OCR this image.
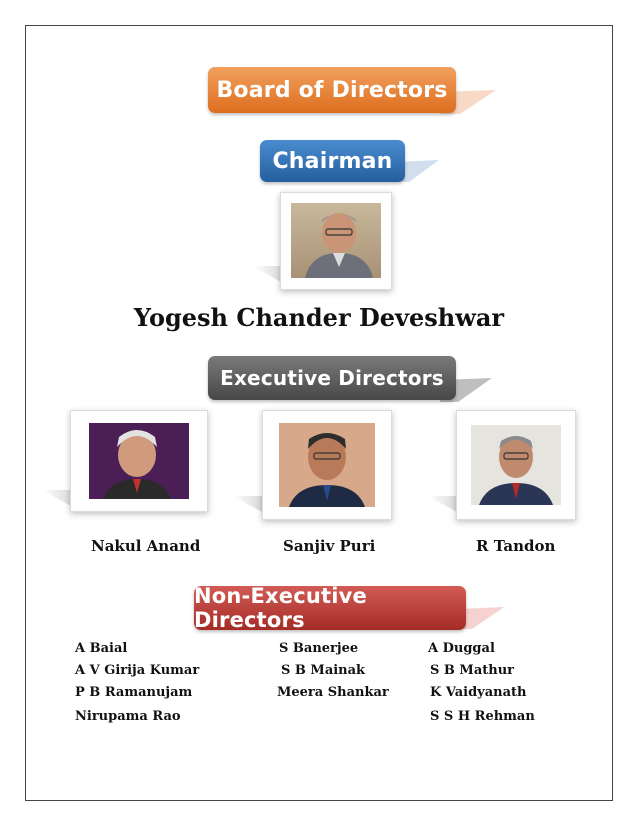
Board of Directors
Chairman
Yogesh Chander Deveshwar
Executive Directors
Nakul Anand	Sanjiv Puri	R Tandon
Non-Executive Directors
A Baial
A V Girija Kumar
P B Ramanujam
Nirupama Rao
S Banerjee
S B Mainak
Meera Shankar
A Duggal
S B Mathur
K Vaidyanath
S S H Rehman
